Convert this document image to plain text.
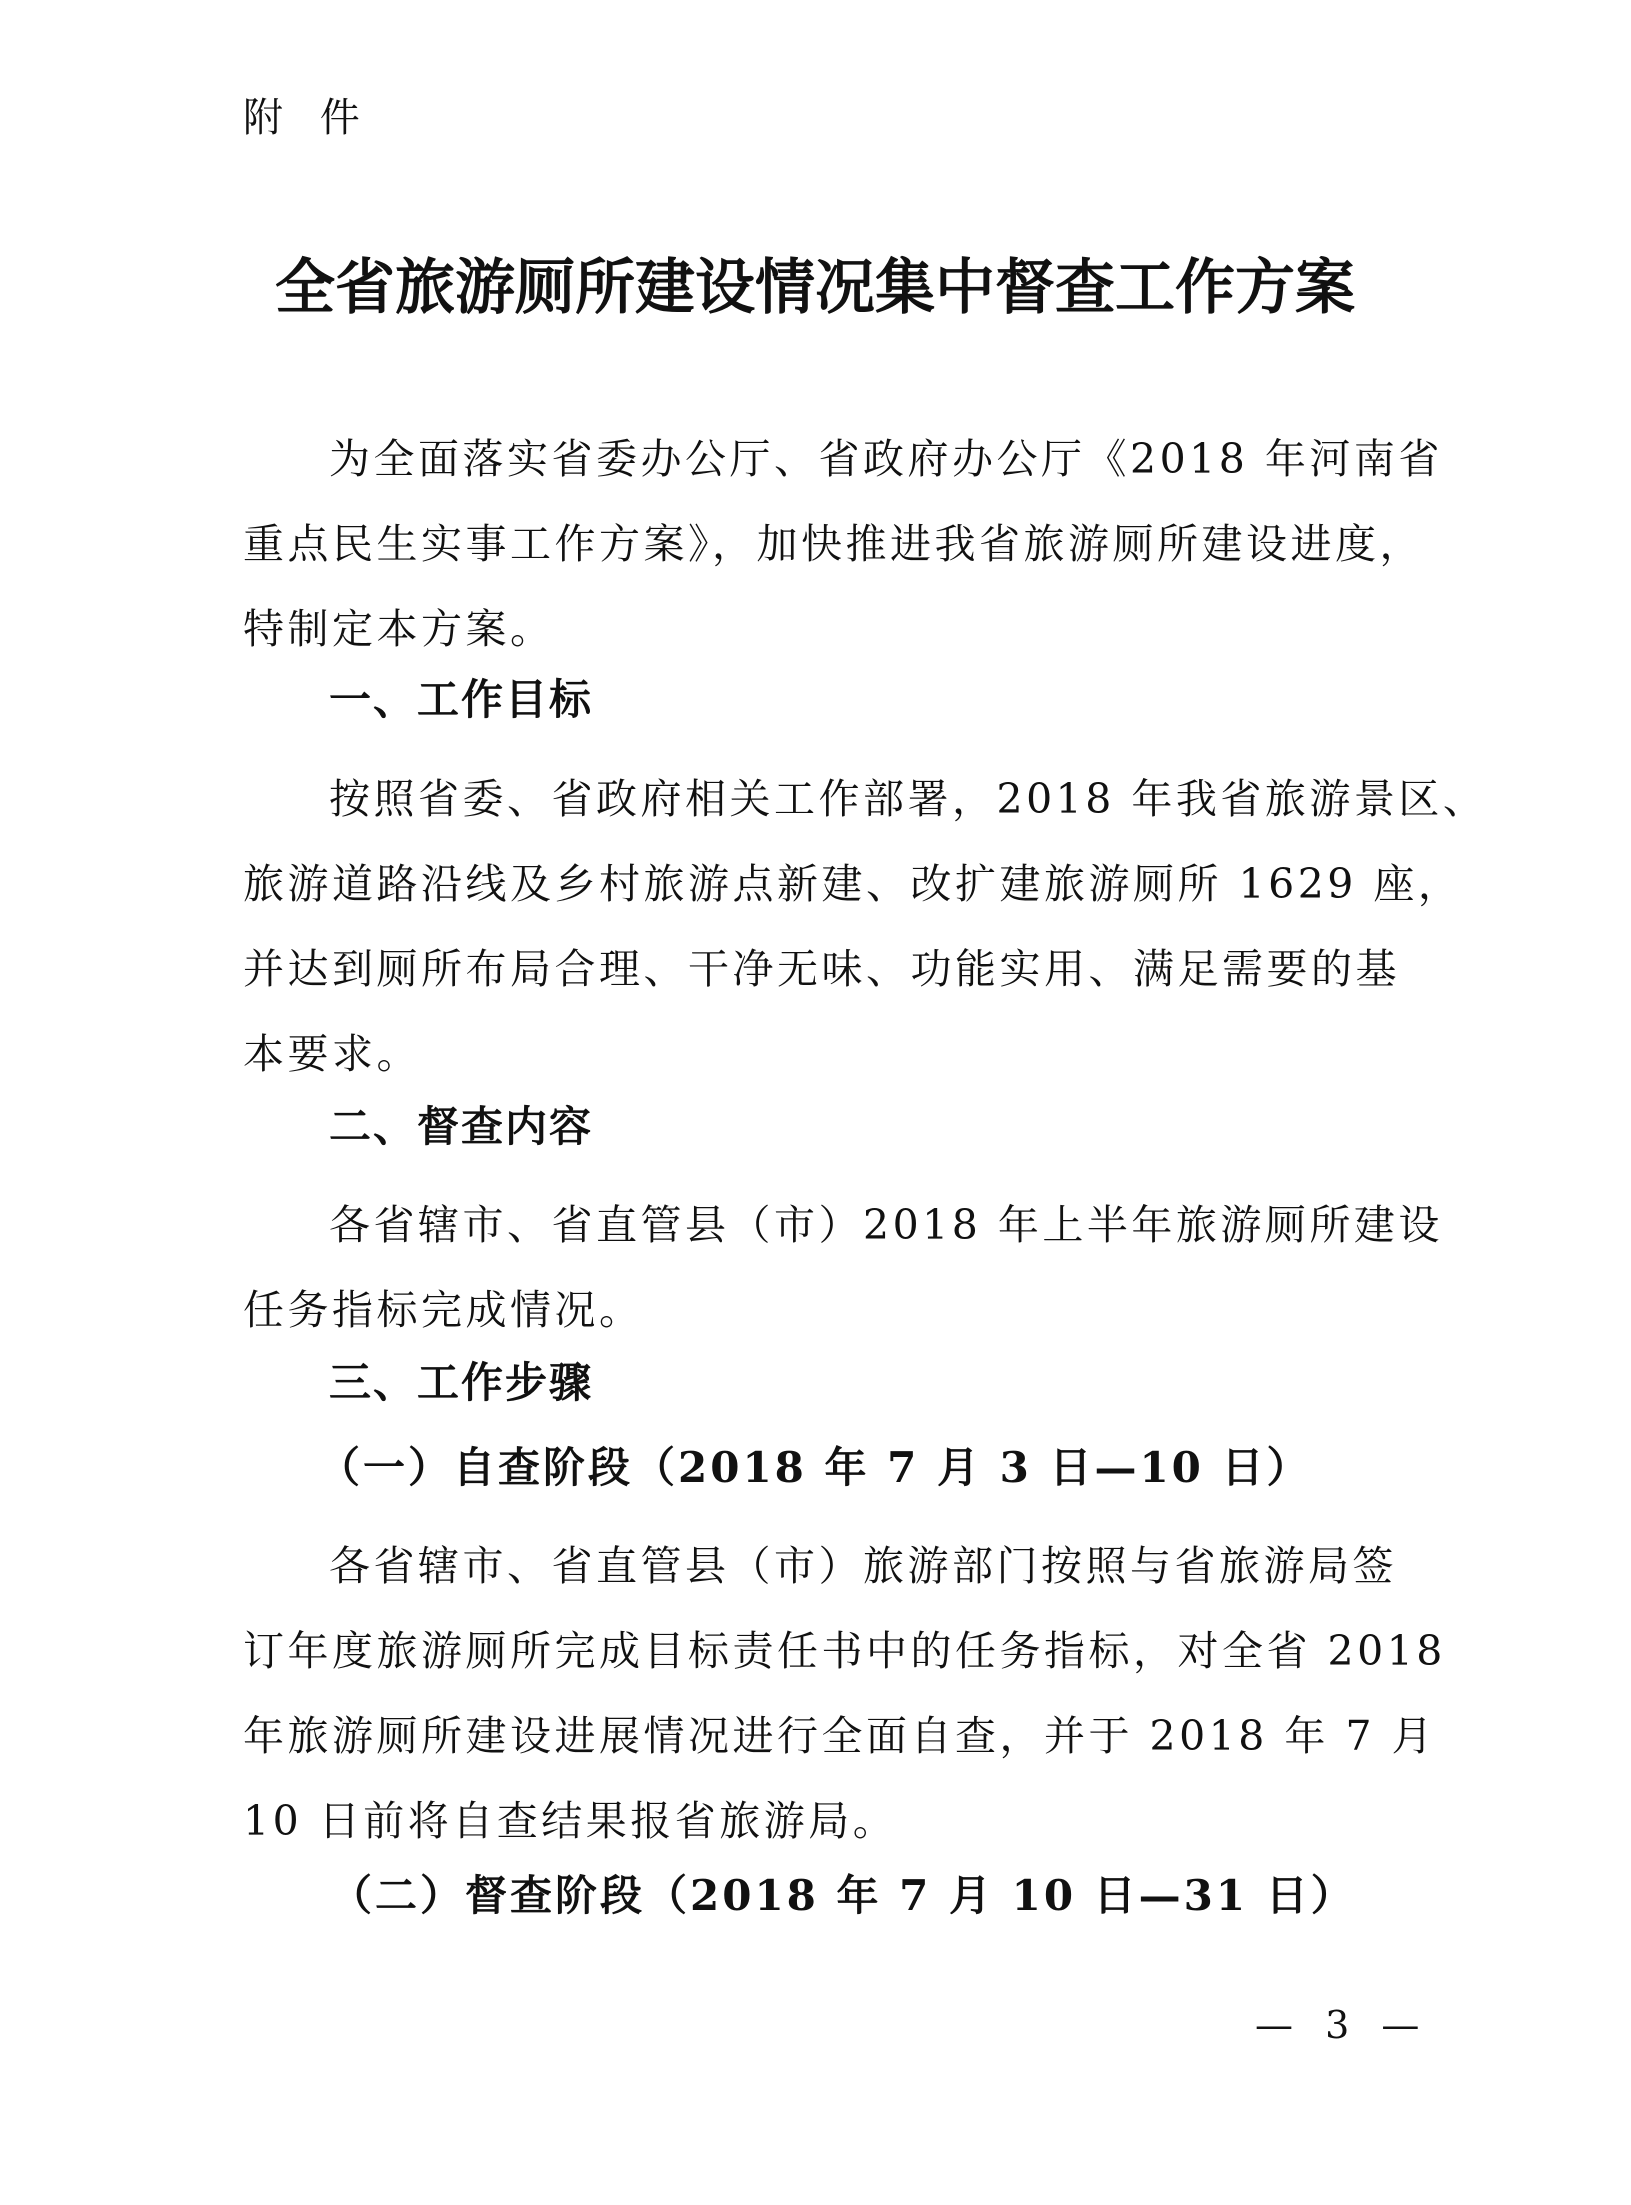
附 件
全省旅游厕所建设情况集中督查工作方案
为全面落实省委办公厅、省政府办公厅《2018 年河南省
重点民生实事工作方案》，加快推进我省旅游厕所建设进度，
特制定本方案。
一、工作目标
按照省委、省政府相关工作部署，2018 年我省旅游景区、
旅游道路沿线及乡村旅游点新建、改扩建旅游厕所 1629 座，
并达到厕所布局合理、干净无味、功能实用、满足需要的基
本要求。
二、督查内容
各省辖市、省直管县（市）2018 年上半年旅游厕所建设
任务指标完成情况。
三、工作步骤
（一）自查阶段（2018 年 7 月 3 日—10 日）
各省辖市、省直管县（市）旅游部门按照与省旅游局签
订年度旅游厕所完成目标责任书中的任务指标，对全省 2018
年旅游厕所建设进展情况进行全面自查，并于 2018 年 7 月
10 日前将自查结果报省旅游局。
（二）督查阶段（2018 年 7 月 10 日—31 日）
— 3 —
